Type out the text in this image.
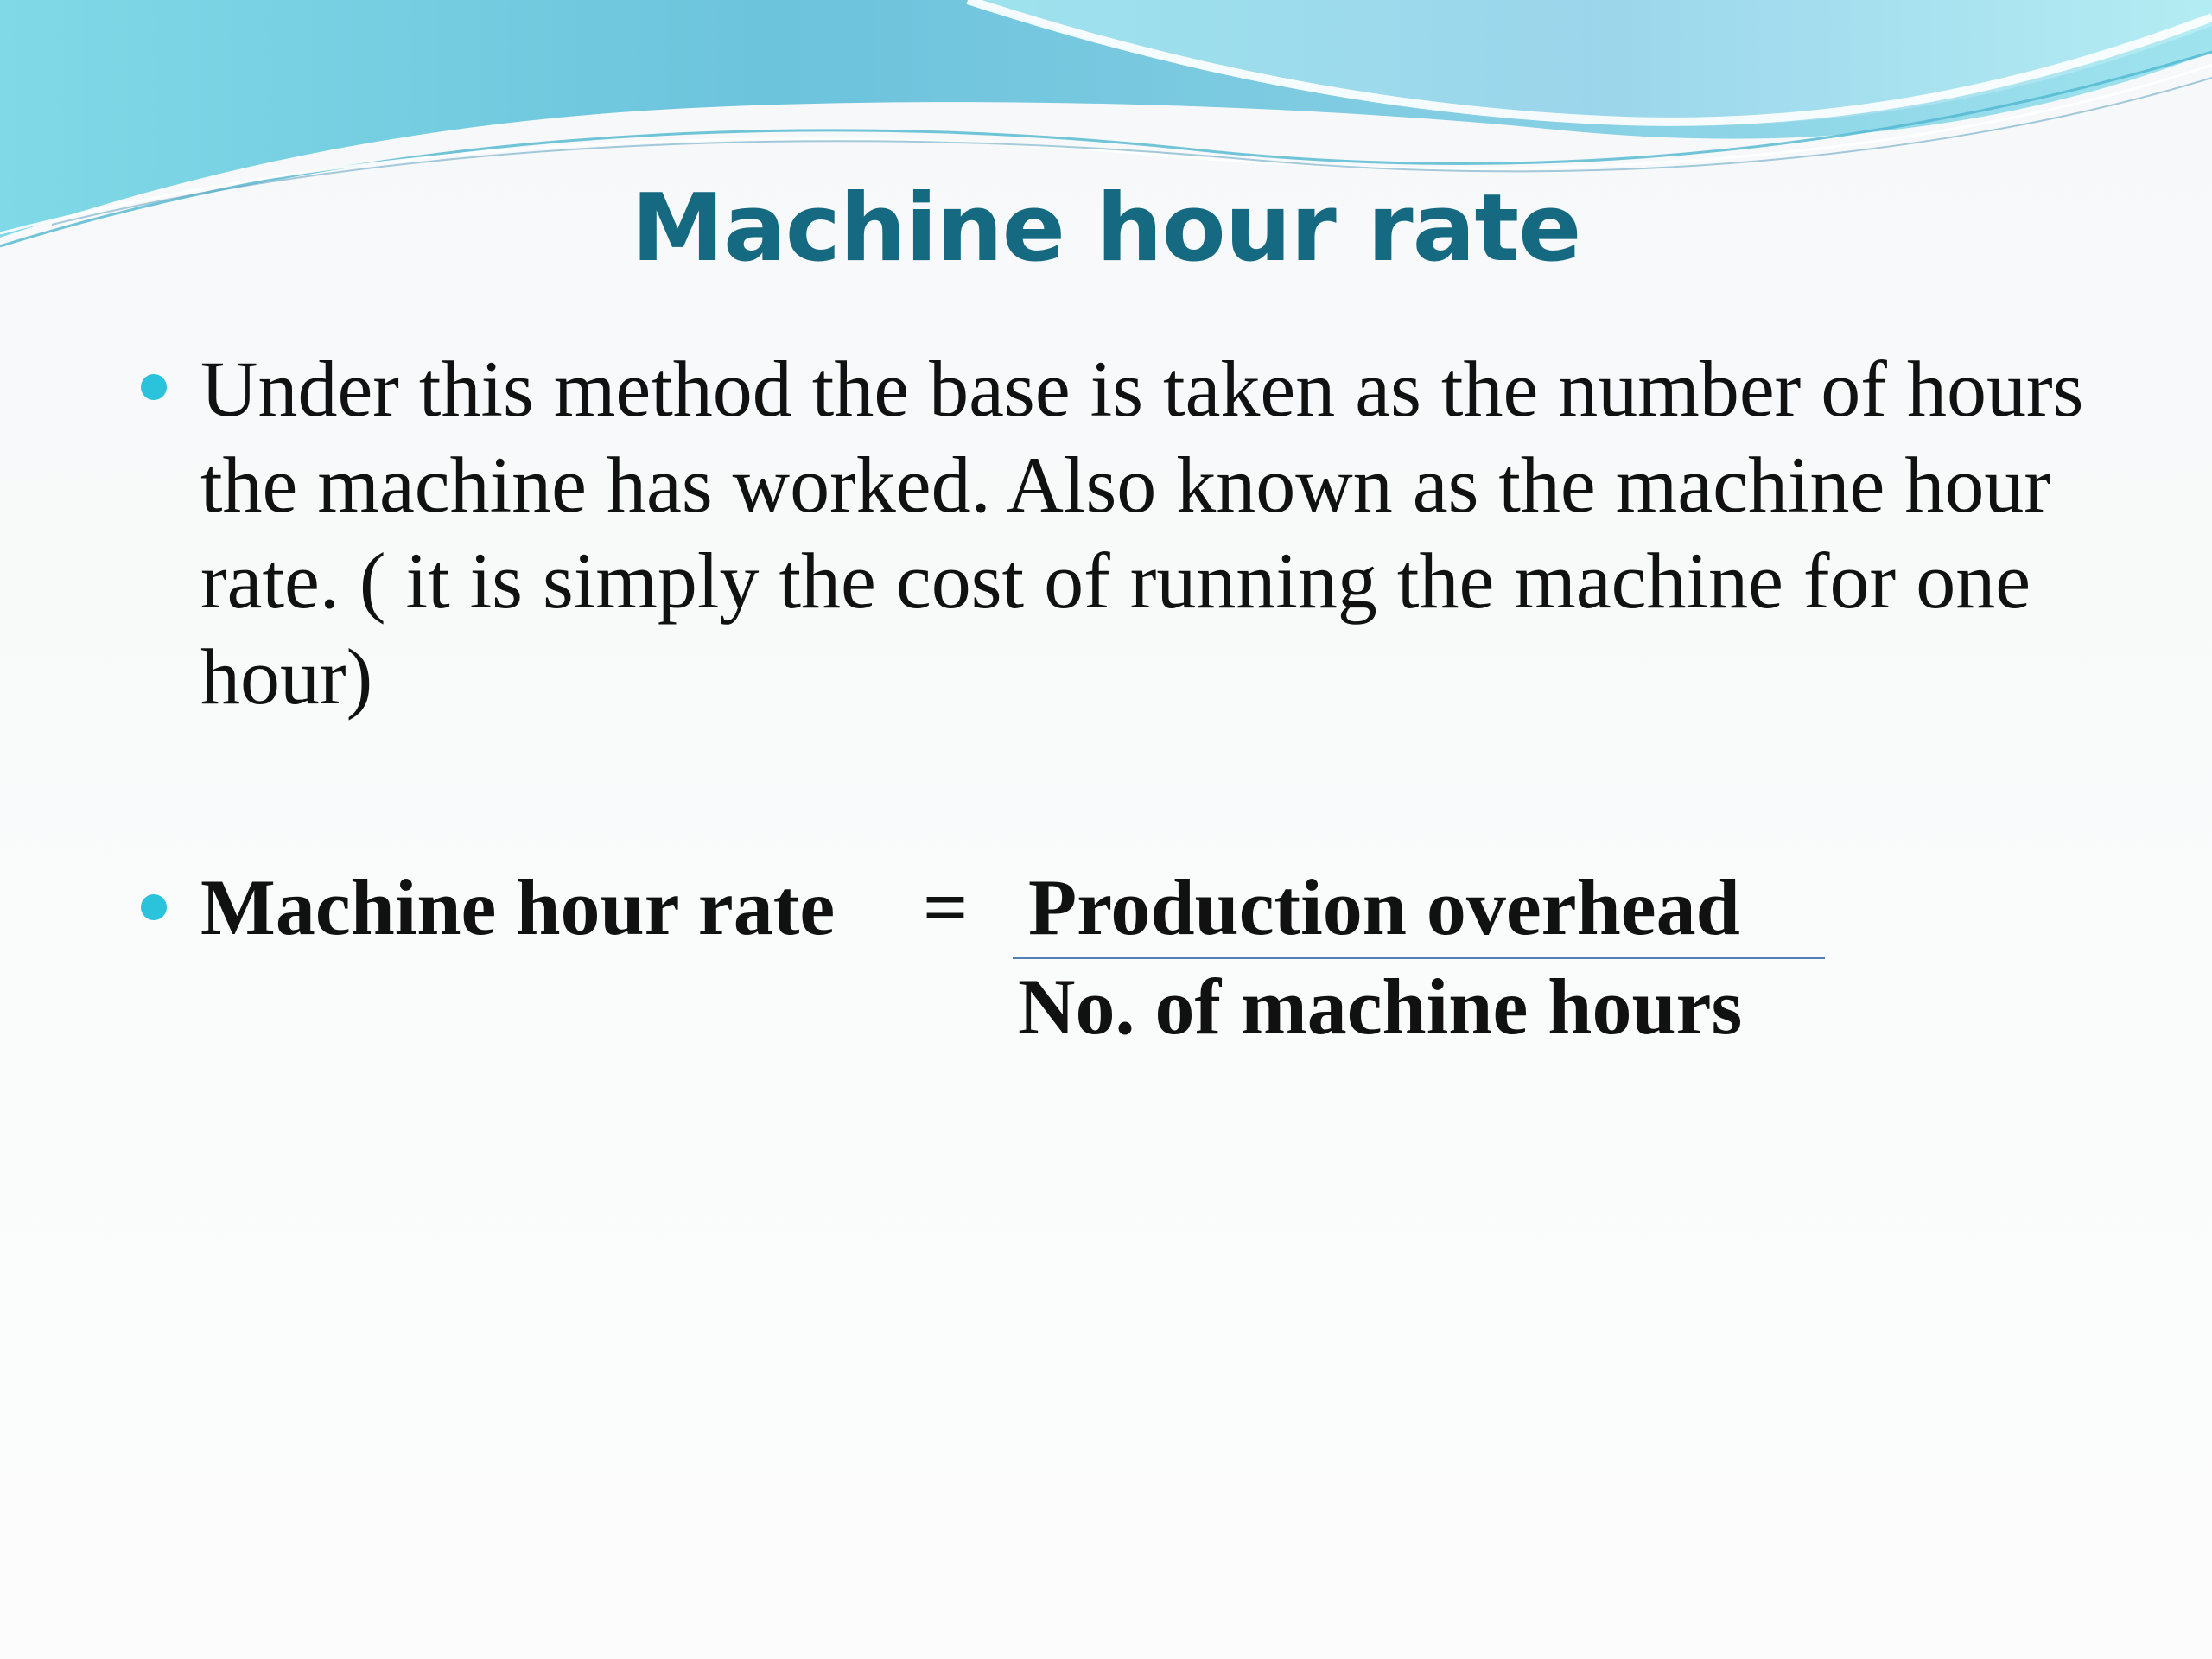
Machine hour rate
Under this method the base is taken as the number of hours the machine has worked. Also known as the machine hour rate. ( it is simply the cost of running the machine for one hour)
Machine hour rate = Production overhead
No. of machine hours
